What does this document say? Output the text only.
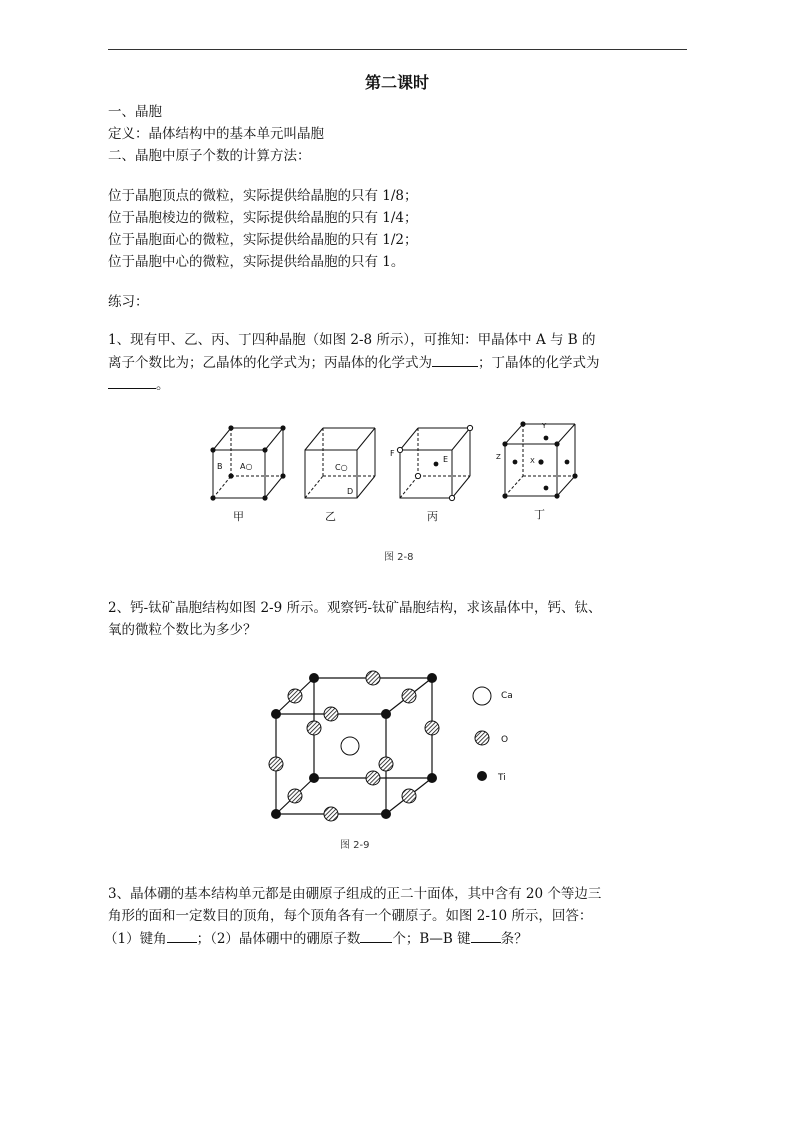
第二课时
一、晶胞
定义：晶体结构中的基本单元叫晶胞
二、晶胞中原子个数的计算方法：
位于晶胞顶点的微粒，实际提供给晶胞的只有 1/8；
位于晶胞棱边的微粒，实际提供给晶胞的只有 1/4；
位于晶胞面心的微粒，实际提供给晶胞的只有 1/2；
位于晶胞中心的微粒，实际提供给晶胞的只有 1。
练习：
1、现有甲、乙、丙、丁四种晶胞（如图 2-8 所示），可推知：甲晶体中 A 与 B 的
离子个数比为；乙晶体的化学式为；丙晶体的化学式为	；丁晶体的化学式为
。
B A○
甲
C○
D
乙
F
E
丙
Y
Z	X
丁
图 2-8
2、钙-钛矿晶胞结构如图 2-9 所示。观察钙-钛矿晶胞结构，求该晶体中，钙、钛、
氧的微粒个数比为多少？
Ca
O
Ti
图 2-9
3、晶体硼的基本结构单元都是由硼原子组成的正二十面体，其中含有 20 个等边三
角形的面和一定数目的顶角，每个顶角各有一个硼原子。如图 2-10 所示，回答：
（1）键角 ；（2）晶体硼中的硼原子数 个；B—B 键 条？
